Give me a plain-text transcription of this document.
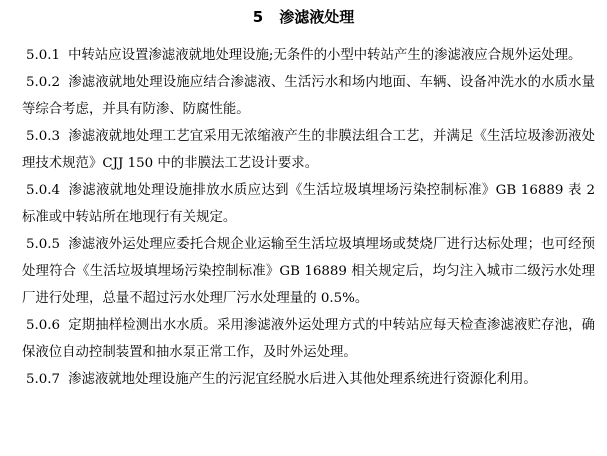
5 渗滤液处理

5.0.1 中转站应设置渗滤液就地处理设施;无条件的小型中转站产生的渗滤液应合规外运处理。

5.0.2 渗滤液就地处理设施应结合渗滤液、生活污水和场内地面、车辆、设备冲洗水的水质水量等综合考虑，并具有防渗、防腐性能。

5.0.3 渗滤液就地处理工艺宜采用无浓缩液产生的非膜法组合工艺，并满足《生活垃圾渗沥液处理技术规范》CJJ 150 中的非膜法工艺设计要求。

5.0.4 渗滤液就地处理设施排放水质应达到《生活垃圾填埋场污染控制标准》GB 16889 表 2 标准或中转站所在地现行有关规定。

5.0.5 渗滤液外运处理应委托合规企业运输至生活垃圾填埋场或焚烧厂进行达标处理；也可经预处理符合《生活垃圾填埋场污染控制标准》GB 16889 相关规定后，均匀注入城市二级污水处理厂进行处理，总量不超过污水处理厂污水处理量的 0.5%。

5.0.6 定期抽样检测出水水质。采用渗滤液外运处理方式的中转站应每天检查渗滤液贮存池，确保液位自动控制装置和抽水泵正常工作，及时外运处理。

5.0.7 渗滤液就地处理设施产生的污泥宜经脱水后进入其他处理系统进行资源化利用。
